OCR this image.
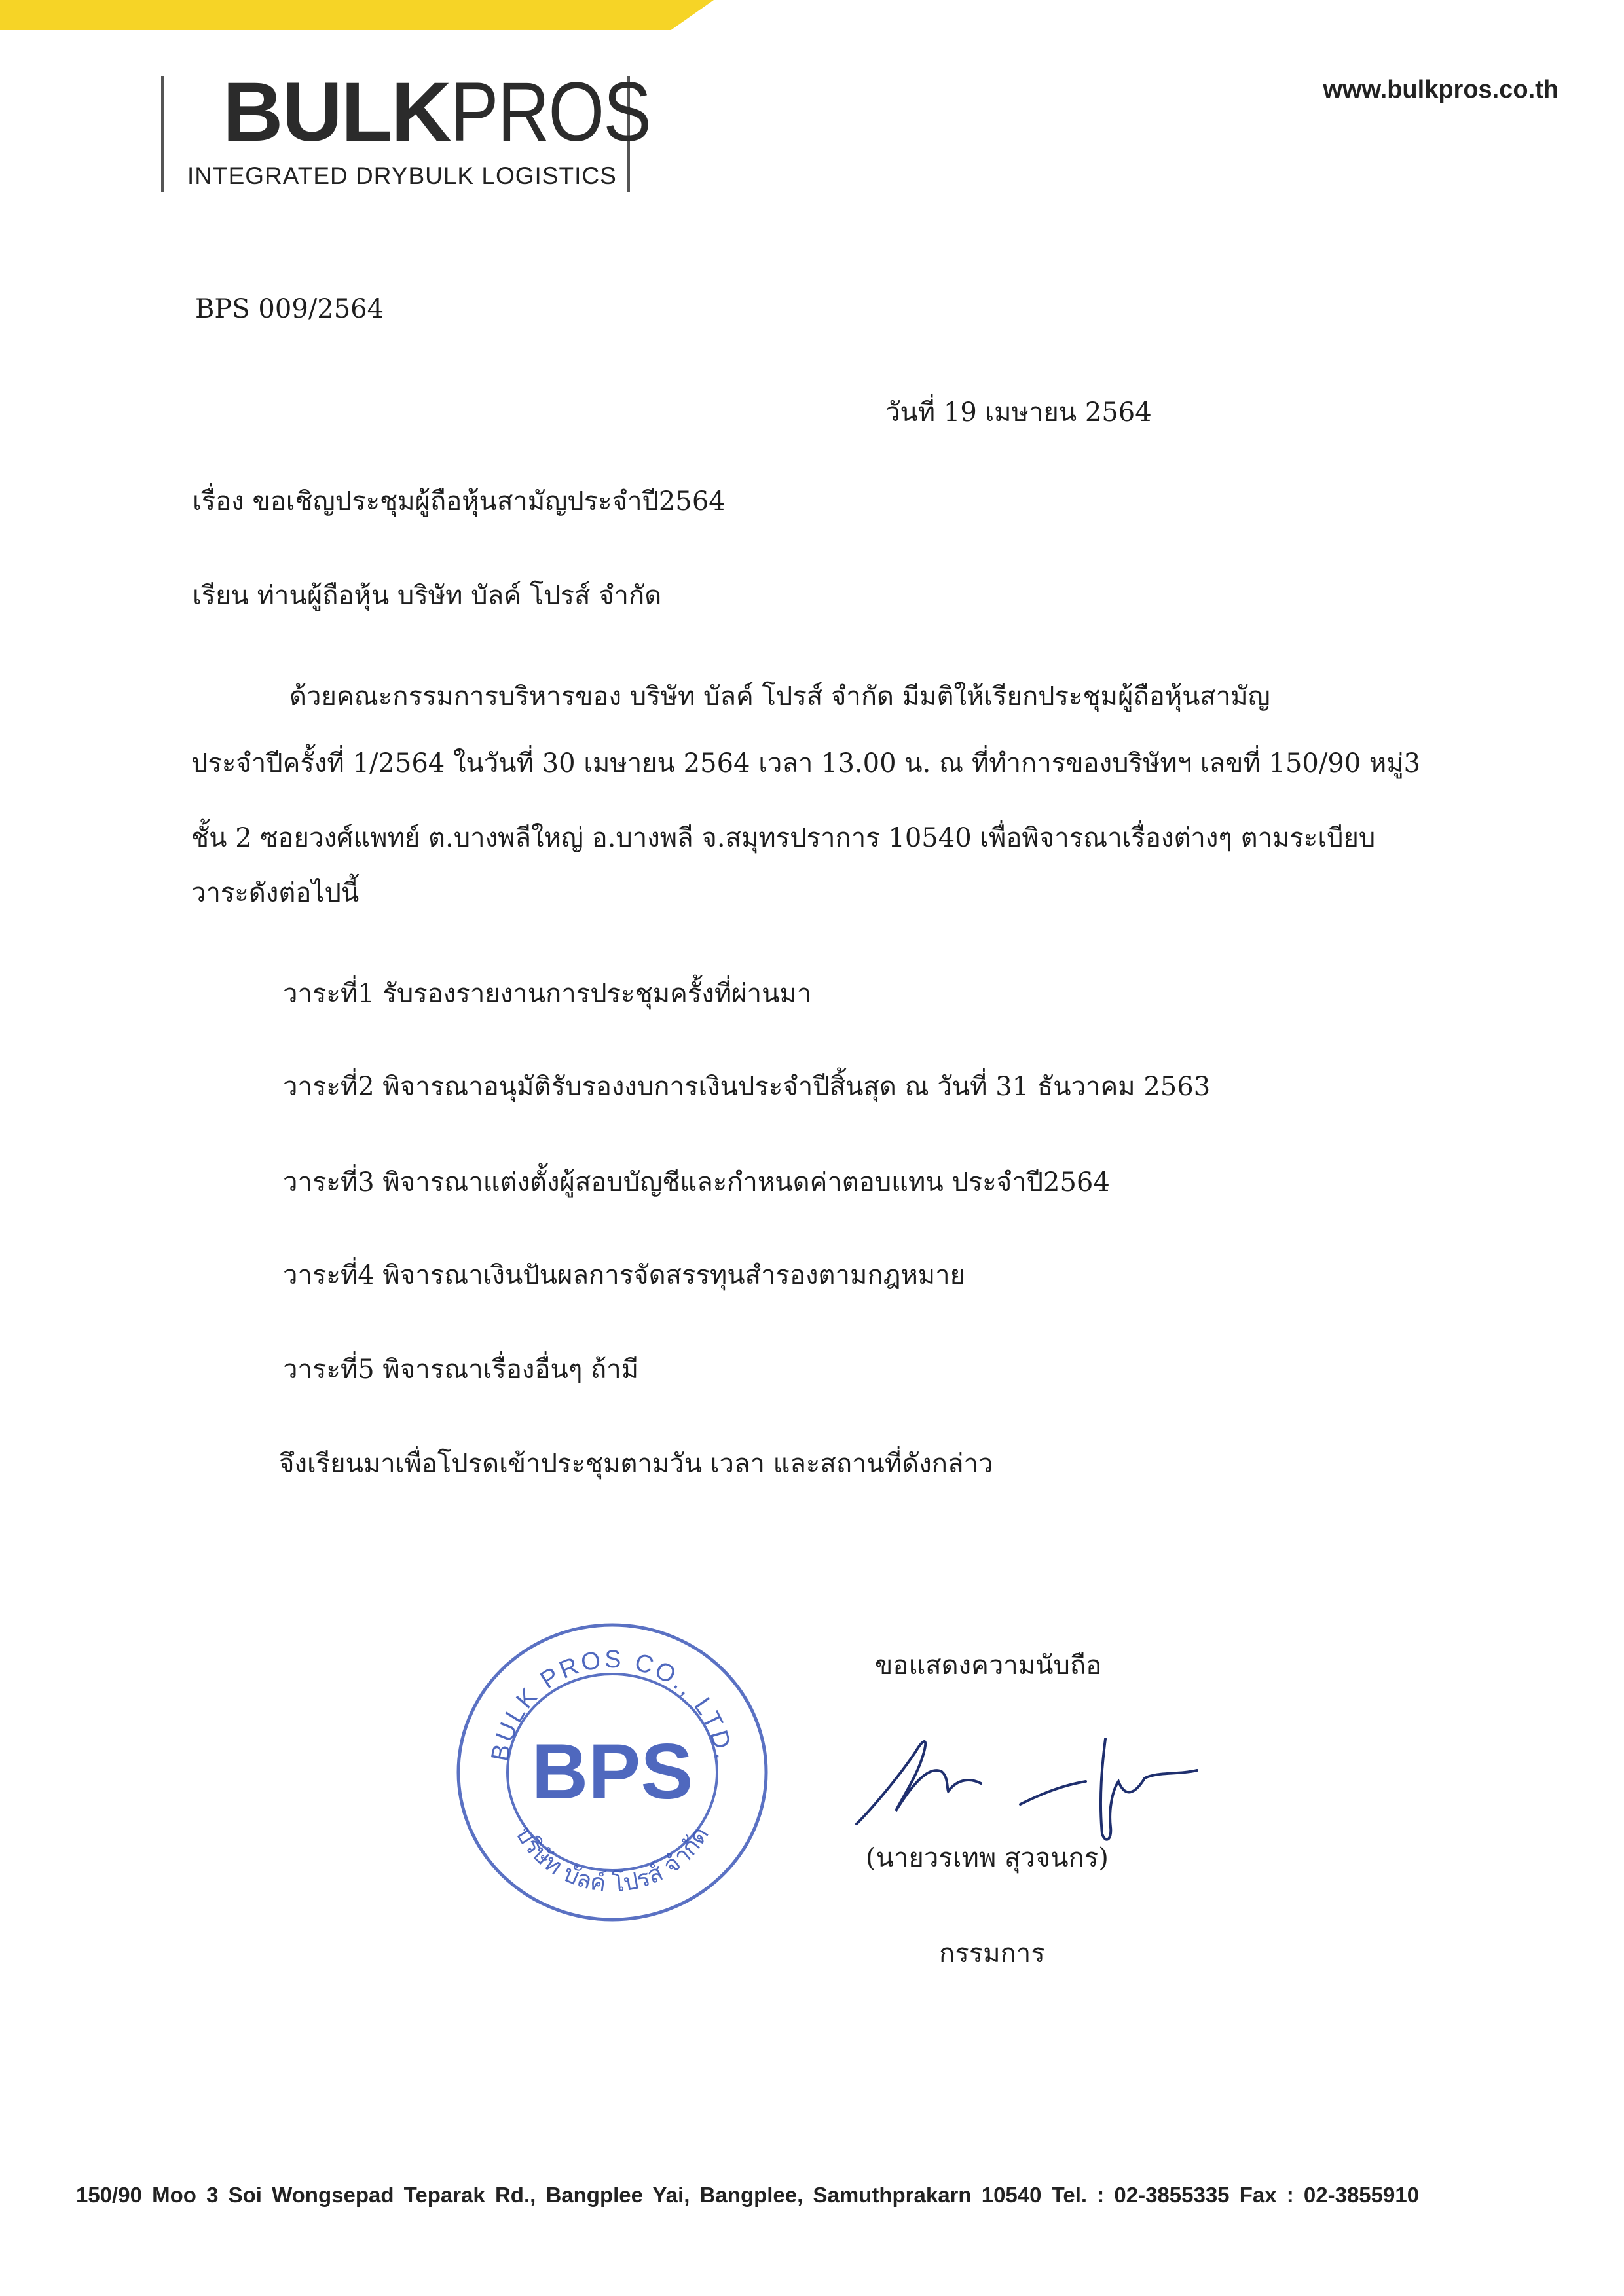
BULKPROS
INTEGRATED DRYBULK LOGISTICS
www.bulkpros.co.th
BPS 009/2564
วันที่ 19 เมษายน 2564
เรื่อง ขอเชิญประชุมผู้ถือหุ้นสามัญประจำปี2564
เรียน ท่านผู้ถือหุ้น บริษัท บัลค์ โปรส์ จำกัด
ด้วยคณะกรรมการบริหารของ บริษัท บัลค์ โปรส์ จำกัด มีมติให้เรียกประชุมผู้ถือหุ้นสามัญ
ประจำปีครั้งที่ 1/2564 ในวันที่ 30 เมษายน 2564 เวลา 13.00 น. ณ ที่ทำการของบริษัทฯ เลขที่ 150/90 หมู่3
ชั้น 2 ซอยวงศ์แพทย์ ต.บางพลีใหญ่ อ.บางพลี จ.สมุทรปราการ 10540 เพื่อพิจารณาเรื่องต่างๆ ตามระเบียบ
วาระดังต่อไปนี้
วาระที่1 รับรองรายงานการประชุมครั้งที่ผ่านมา
วาระที่2 พิจารณาอนุมัติรับรองงบการเงินประจำปีสิ้นสุด ณ วันที่ 31 ธันวาคม 2563
วาระที่3 พิจารณาแต่งตั้งผู้สอบบัญชีและกำหนดค่าตอบแทน ประจำปี2564
วาระที่4 พิจารณาเงินปันผลการจัดสรรทุนสำรองตามกฎหมาย
วาระที่5 พิจารณาเรื่องอื่นๆ ถ้ามี
จึงเรียนมาเพื่อโปรดเข้าประชุมตามวัน เวลา และสถานที่ดังกล่าว
BULK PROS CO., LTD.
BPS
บริษัท บัลค์ โปรส์ จำกัด
ขอแสดงความนับถือ
(นายวรเทพ สุวจนกร)
กรรมการ
150/90 Moo 3 Soi Wongsepad Teparak Rd., Bangplee Yai, Bangplee, Samuthprakarn 10540 Tel. : 02-3855335 Fax : 02-3855910
